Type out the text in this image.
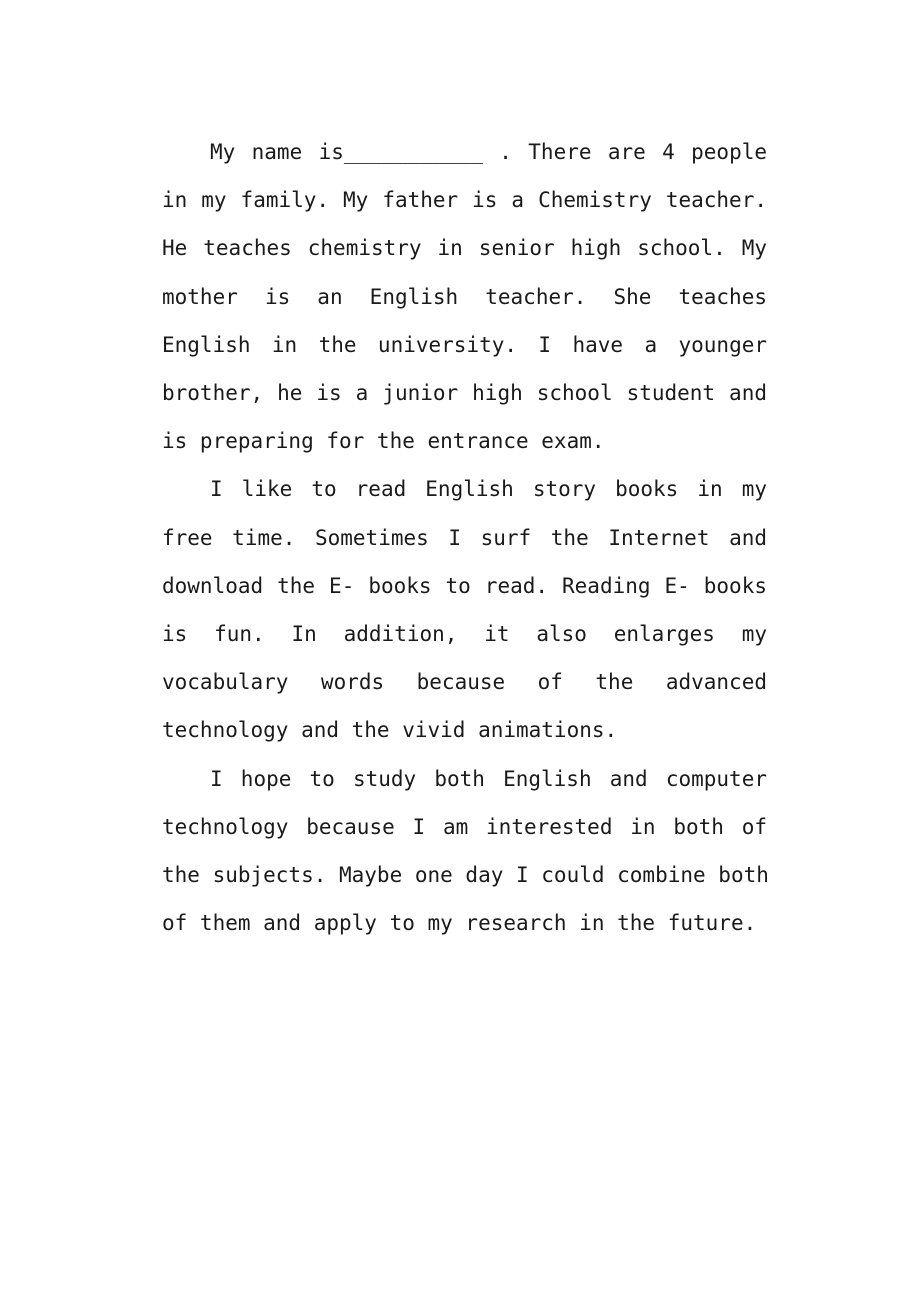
My name is___________ . There are 4 people
in my family. My father is a Chemistry teacher.
He teaches chemistry in senior high school. My
mother is an English teacher. She teaches
English in the university. I have a younger
brother, he is a junior high school student and
is preparing for the entrance exam.
I like to read English story books in my
free time. Sometimes I surf the Internet and
download the E- books to read. Reading E- books
is fun. In addition, it also enlarges my
vocabulary words because of the advanced
technology and the vivid animations.
I hope to study both English and computer
technology because I am interested in both of
the subjects. Maybe one day I could combine both
of them and apply to my research in the future.
